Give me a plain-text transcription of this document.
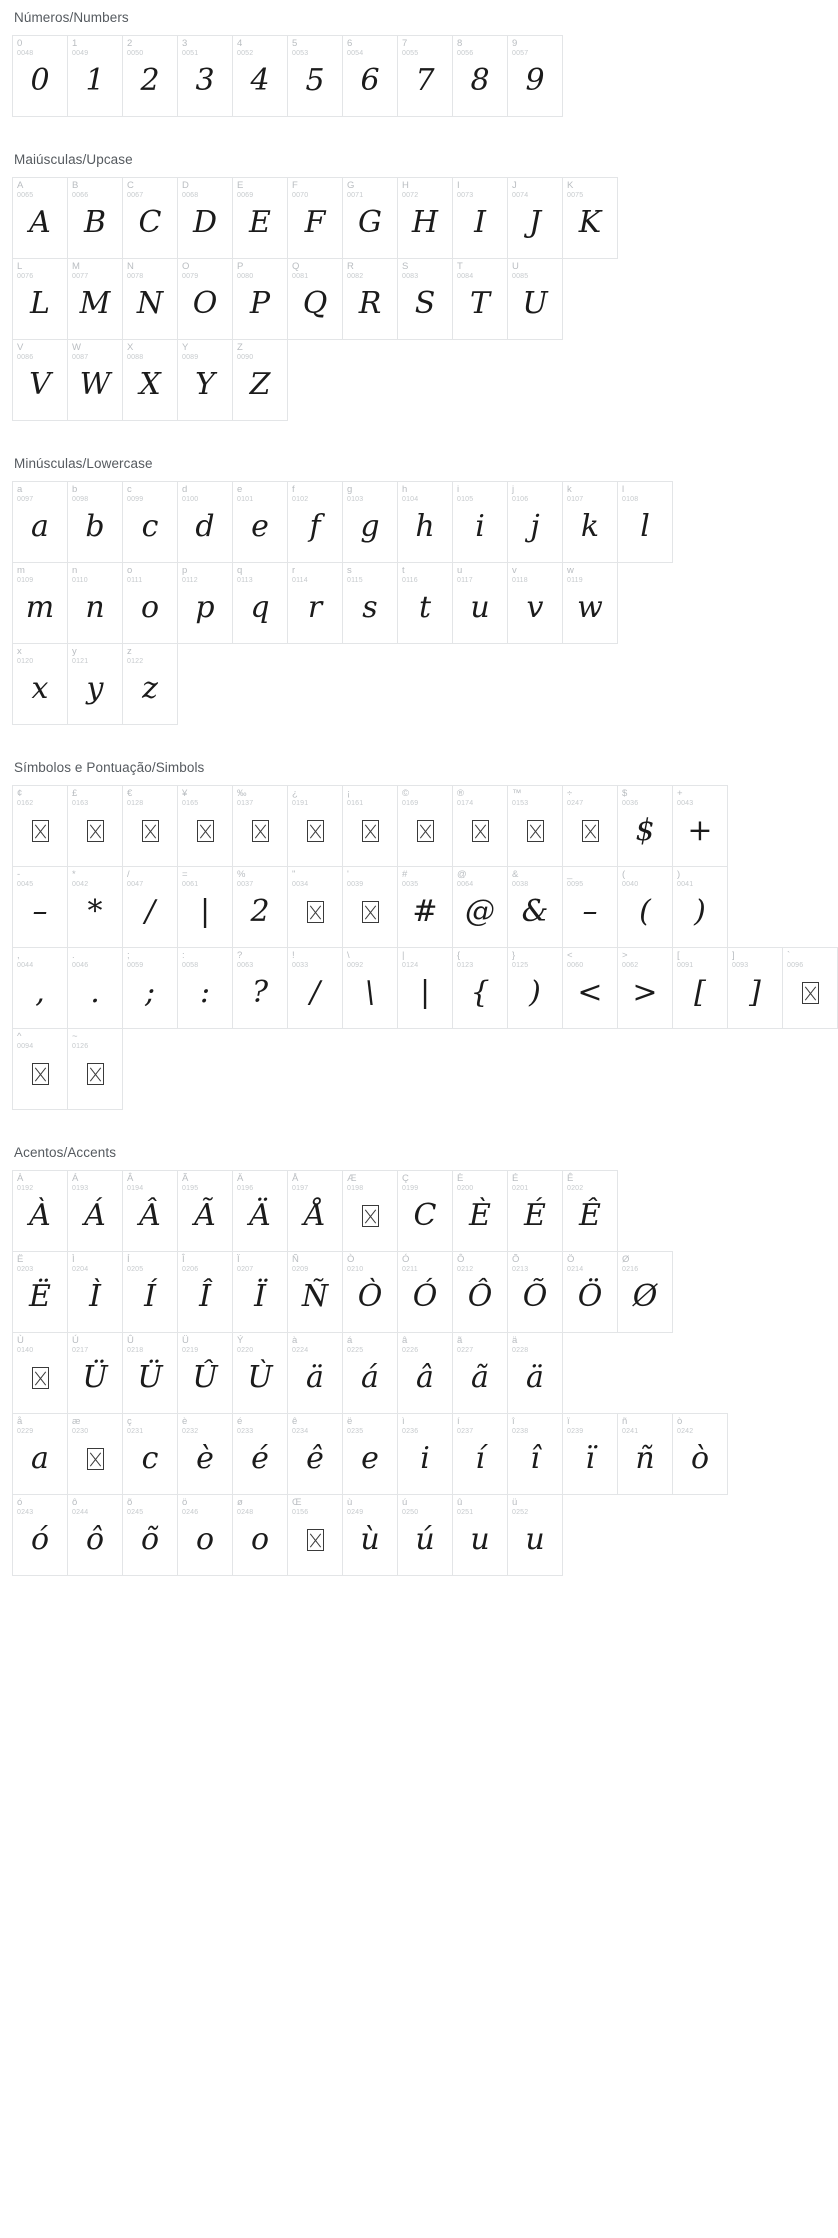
Números/Numbers
0
0048
0
1
0049
1
2
0050
2
3
0051
3
4
0052
4
5
0053
5
6
0054
6
7
0055
7
8
0056
8
9
0057
9
Maiúsculas/Upcase
A
0065
A
B
0066
B
C
0067
C
D
0068
D
E
0069
E
F
0070
F
G
0071
G
H
0072
H
I
0073
I
J
0074
J
K
0075
K
L
0076
L
M
0077
M
N
0078
N
O
0079
O
P
0080
P
Q
0081
Q
R
0082
R
S
0083
S
T
0084
T
U
0085
U
V
0086
V
W
0087
W
X
0088
X
Y
0089
Y
Z
0090
Z
Minúsculas/Lowercase
a
0097
a
b
0098
b
c
0099
c
d
0100
d
e
0101
e
f
0102
f
g
0103
g
h
0104
h
i
0105
i
j
0106
j
k
0107
k
l
0108
l
m
0109
m
n
0110
n
o
0111
o
p
0112
p
q
0113
q
r
0114
r
s
0115
s
t
0116
t
u
0117
u
v
0118
v
w
0119
w
x
0120
x
y
0121
y
z
0122
z
Símbolos e Pontuação/Simbols
¢
0162
£
0163
€
0128
¥
0165
‰
0137
¿
0191
¡
0161
©
0169
®
0174
™
0153
÷
0247
$
0036
$
+
0043
+
-
0045
–
*
0042
*
/
0047
/
=
0061
|
%
0037
2
"
0034
'
0039
#
0035
#
@
0064
@
&
0038
&
_
0095
–
(
0040
(
)
0041
)
,
0044
,
.
0046
.
;
0059
;
:
0058
:
?
0063
?
!
0033
/
\
0092
\
|
0124
|
{
0123
{
}
0125
)
<
0060
<
>
0062
>
[
0091
[
]
0093
]
`
0096
^
0094
~
0126
Acentos/Accents
À
0192
À
Á
0193
Á
Â
0194
Â
Ã
0195
Ã
Ä
0196
Ä
Å
0197
Å
Æ
0198
Ç
0199
C
È
0200
È
É
0201
É
Ê
0202
Ê
Ë
0203
Ë
Ì
0204
Ì
Í
0205
Í
Î
0206
Î
Ï
0207
Ï
Ñ
0209
Ñ
Ò
0210
Ò
Ó
0211
Ó
Ô
0212
Ô
Õ
0213
Õ
Ö
0214
Ö
Ø
0216
Ø
Ù
0140
Ú
0217
Ü
Û
0218
Ü
Ü
0219
Û
Ý
0220
Ù
à
0224
ä
á
0225
á
â
0226
â
ã
0227
ã
ä
0228
ä
å
0229
a
æ
0230
ç
0231
c
è
0232
è
é
0233
é
ê
0234
ê
ë
0235
e
ì
0236
i
í
0237
í
î
0238
î
ï
0239
ï
ñ
0241
ñ
ò
0242
ò
ó
0243
ó
ô
0244
ô
õ
0245
õ
ö
0246
o
ø
0248
o
Œ
0156
ù
0249
ù
ú
0250
ú
û
0251
u
ü
0252
u
